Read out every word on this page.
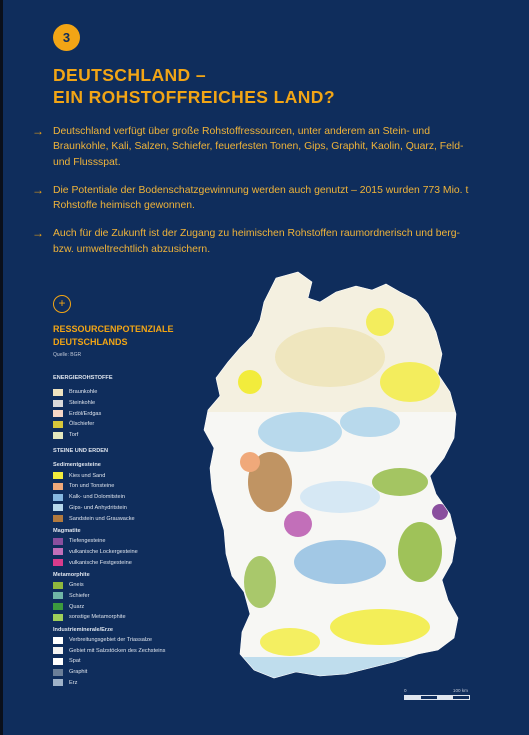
3
DEUTSCHLAND –
EIN ROHSTOFFREICHES LAND?
→ Deutschland verfügt über große Rohstoffressourcen, unter anderem an Stein- und Braunkohle, Kali, Salzen, Schiefer, feuerfesten Tonen, Gips, Graphit, Kaolin, Quarz, Feld- und Flussspat.
→ Die Potentiale der Bodenschatzgewinnung werden auch genutzt – 2015 wurden 773 Mio. t Rohstoffe heimisch gewonnen.
→ Auch für die Zukunft ist der Zugang zu heimischen Rohstoffen raumordnerisch und berg- bzw. umweltrechtlich abzusichern.
+
RESSOURCENPOTENZIALE
DEUTSCHLANDS
Quelle: BGR
ENERGIEROHSTOFFE
Braunkohle
Steinkohle
Erdöl/Erdgas
Ölschiefer
Torf
STEINE UND ERDEN
Sedimentgesteine
Kies und Sand
Ton und Tonsteine
Kalk- und Dolomitstein
Gips- und Anhydritstein
Sandstein und Grauwacke
Magmatite
Tiefengesteine
vulkanische Lockergesteine
vulkanische Festgesteine
Metamorphite
Gneis
Schiefer
Quarz
sonstige Metamorphite
Industrieminerale/Erze
Verbreitungsgebiet der Triassalze
Gebiet mit Salzstöcken des Zechsteins
Spat
Graphit
Erz
0	100 km
